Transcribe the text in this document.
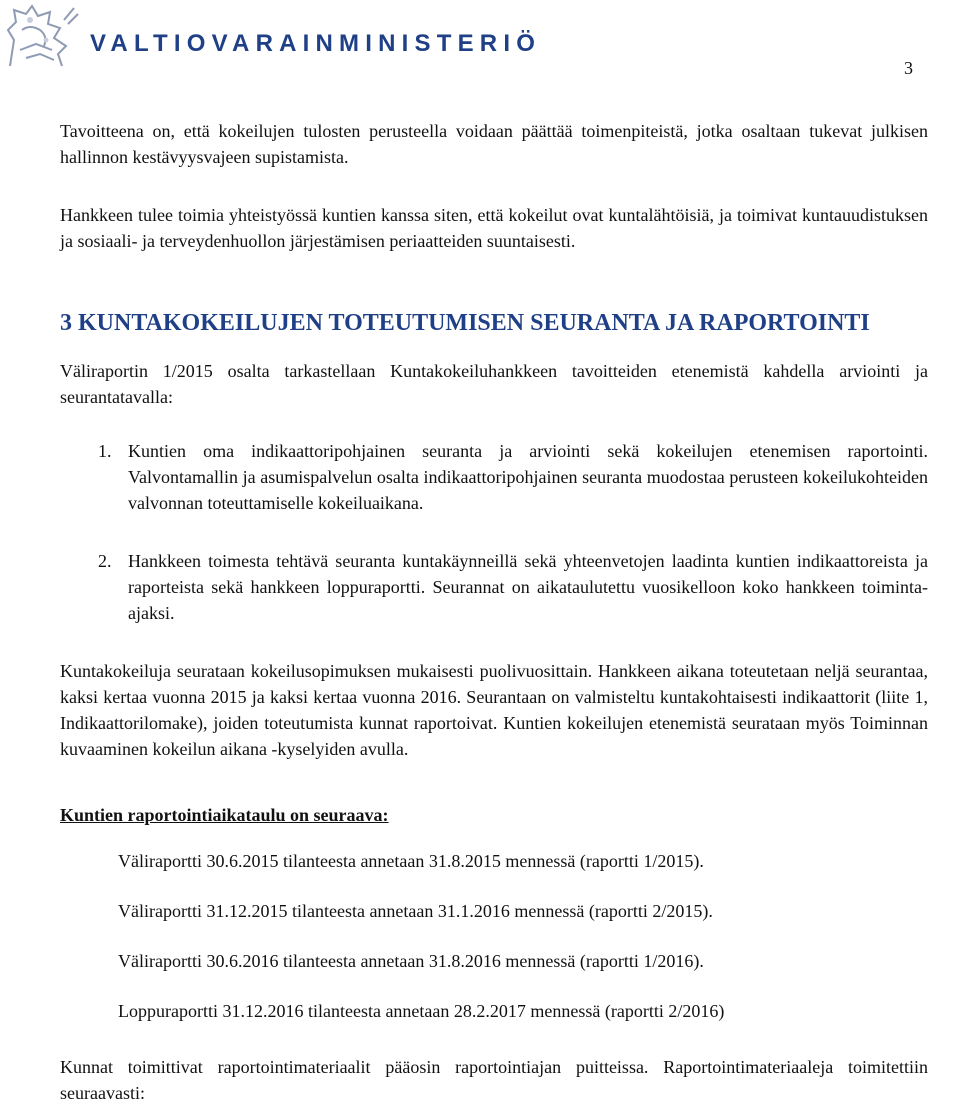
VALTIOVARAINMINISTERIÖ
3

Tavoitteena on, että kokeilujen tulosten perusteella voidaan päättää toimenpiteistä, jotka osaltaan tukevat julkisen hallinnon kestävyysvajeen supistamista.

Hankkeen tulee toimia yhteistyössä kuntien kanssa siten, että kokeilut ovat kuntalähtöisiä, ja toimivat kuntauudistuksen ja sosiaali- ja terveydenhuollon järjestämisen periaatteiden suuntaisesti.

3 KUNTAKOKEILUJEN TOTEUTUMISEN SEURANTA JA RAPORTOINTI

Väliraportin 1/2015 osalta tarkastellaan Kuntakokeiluhankkeen tavoitteiden etenemistä kahdella arviointi ja seurantatavalla:

1. Kuntien oma indikaattoripohjainen seuranta ja arviointi sekä kokeilujen etenemisen raportointi. Valvontamallin ja asumispalvelun osalta indikaattoripohjainen seuranta muodostaa perusteen kokeilukohteiden valvonnan toteuttamiselle kokeiluaikana.
2. Hankkeen toimesta tehtävä seuranta kuntakäynneillä sekä yhteenvetojen laadinta kuntien indikaattoreista ja raporteista sekä hankkeen loppuraportti. Seurannat on aikataulutettu vuosikelloon koko hankkeen toiminta-ajaksi.

Kuntakokeiluja seurataan kokeilusopimuksen mukaisesti puolivuosittain. Hankkeen aikana toteutetaan neljä seurantaa, kaksi kertaa vuonna 2015 ja kaksi kertaa vuonna 2016. Seurantaan on valmisteltu kuntakohtaisesti indikaattorit (liite 1, Indikaattorilomake), joiden toteutumista kunnat raportoivat. Kuntien kokeilujen etenemistä seurataan myös Toiminnan kuvaaminen kokeilun aikana -kyselyiden avulla.

Kuntien raportointiaikataulu on seuraava:

Väliraportti 30.6.2015 tilanteesta annetaan 31.8.2015 mennessä (raportti 1/2015).
Väliraportti 31.12.2015 tilanteesta annetaan 31.1.2016 mennessä (raportti 2/2015).
Väliraportti 30.6.2016 tilanteesta annetaan 31.8.2016 mennessä (raportti 1/2016).
Loppuraportti 31.12.2016 tilanteesta annetaan 28.2.2017 mennessä (raportti 2/2016)

Kunnat toimittivat raportointimateriaalit pääosin raportointiajan puitteissa. Raportointimateriaaleja toimitettiin seuraavasti:
